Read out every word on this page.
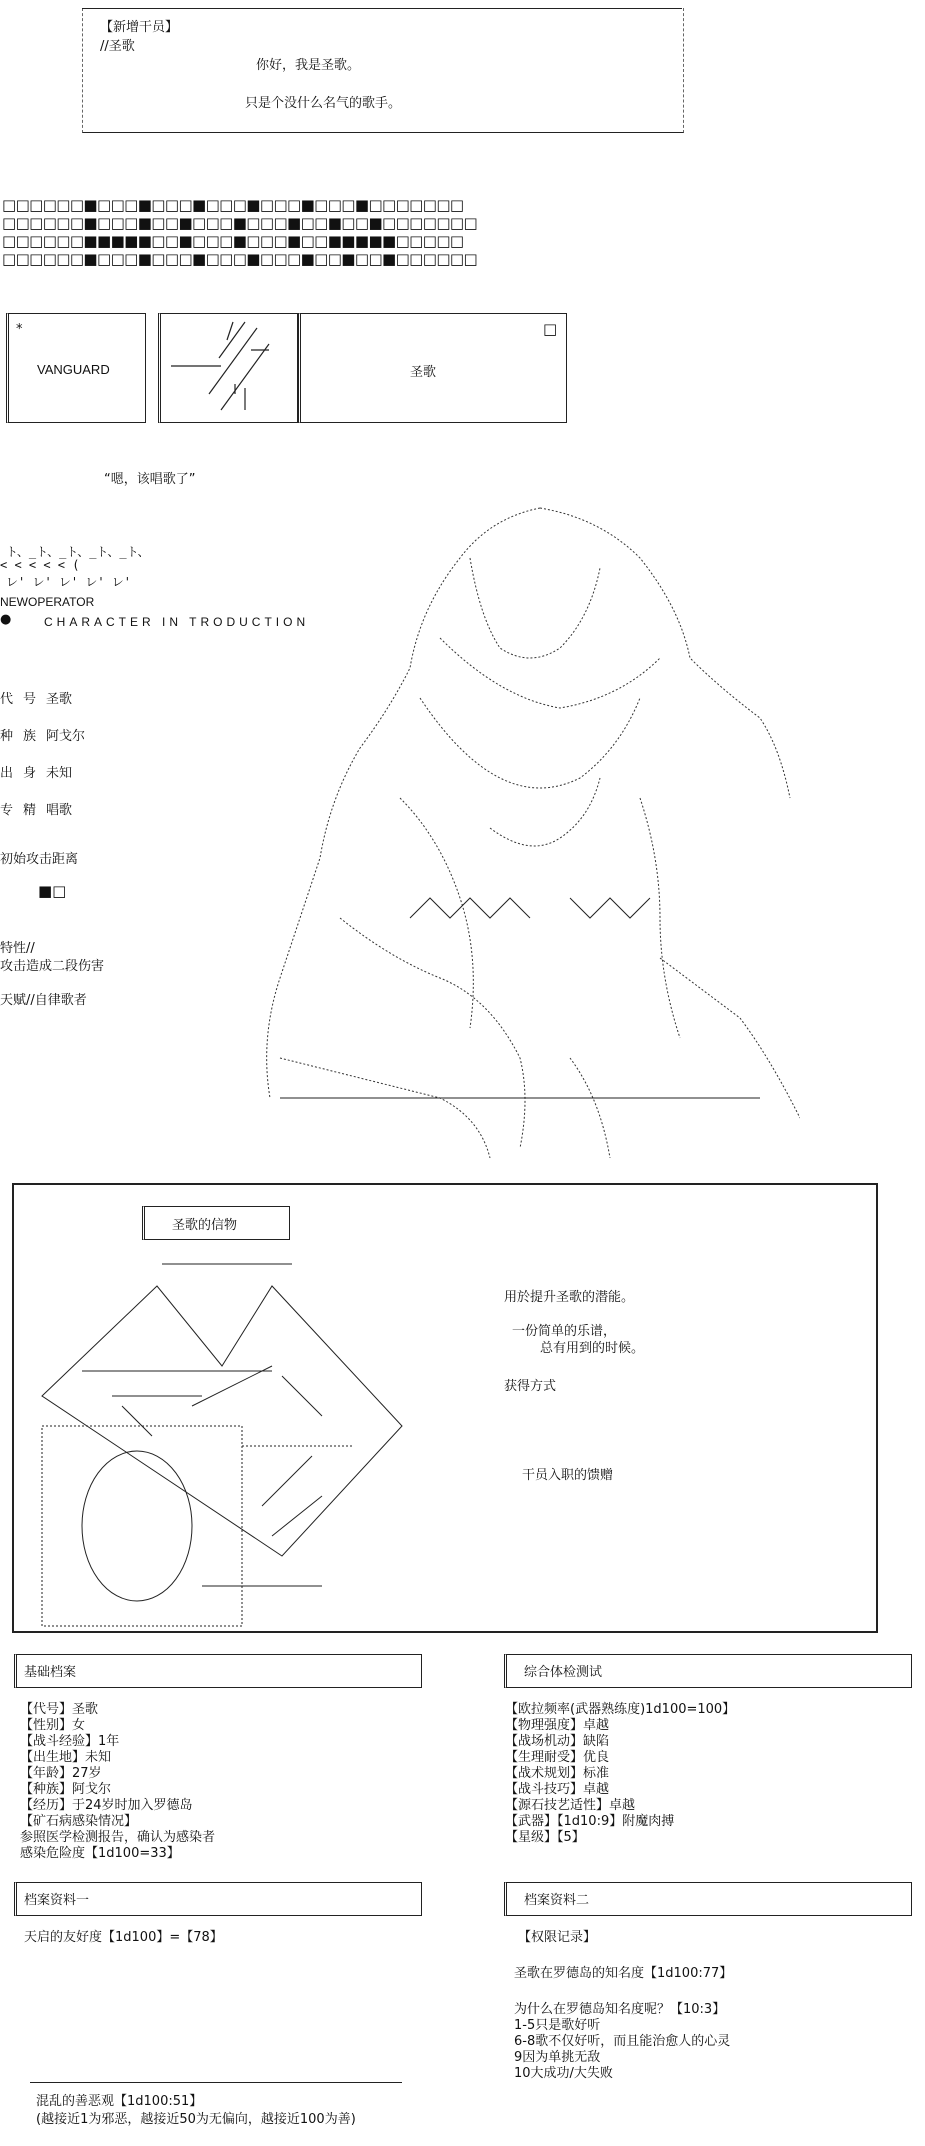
【新增干员】
//圣歌
你好，我是圣歌。
只是个没什么名气的歌手。
□□□□□□■□□□■□□□■□□□■□□□■□□□■□□□□□□□
□□□□□□■□□□■□□■□□□■□□□■□□■□□■□□□□□□□
□□□□□□■■■■■□□■□□□■□□□■□□■■■■■□□□□□
□□□□□□■□□□■□□□■□□□■□□□■□□■□□■□□□□□□
*
VANGUARD
□
圣歌
“嗯，该唱歌了”
ト、_ト、_ト、_ト、_ト、
< < < < < (
レ' レ' レ' レ' レ'
NEWOPERATOR
●	CHARACTER IN TRODUCTION
代号圣歌
种族阿戈尔
出身未知
专精唱歌
初始攻击距离
■□
特性//
攻击造成二段伤害
天赋//自律歌者
圣歌的信物
用於提升圣歌的潜能。
一份简单的乐谱，
总有用到的时候。
获得方式
干员入职的馈赠
基础档案
【代号】圣歌
【性别】女
【战斗经验】1年
【出生地】未知
【年龄】27岁
【种族】阿戈尔
【经历】于24岁时加入罗德岛
【矿石病感染情况】
参照医学检测报告，确认为感染者
感染危险度【1d100=33】
综合体检测试
【欧拉频率(武器熟练度)1d100=100】
【物理强度】卓越
【战场机动】缺陷
【生理耐受】优良
【战术规划】标准
【战斗技巧】卓越
【源石技艺适性】卓越
【武器】【1d10:9】附魔肉搏
【星级】【5】
档案资料一
天启的友好度【1d100】=【78】
档案资料二
【权限记录】
圣歌在罗德岛的知名度【1d100:77】
为什么在罗德岛知名度呢？【10:3】
1-5只是歌好听
6-8歌不仅好听，而且能治愈人的心灵
9因为单挑无敌
10大成功/大失败
混乱的善恶观【1d100:51】
(越接近1为邪恶，越接近50为无偏向，越接近100为善)
